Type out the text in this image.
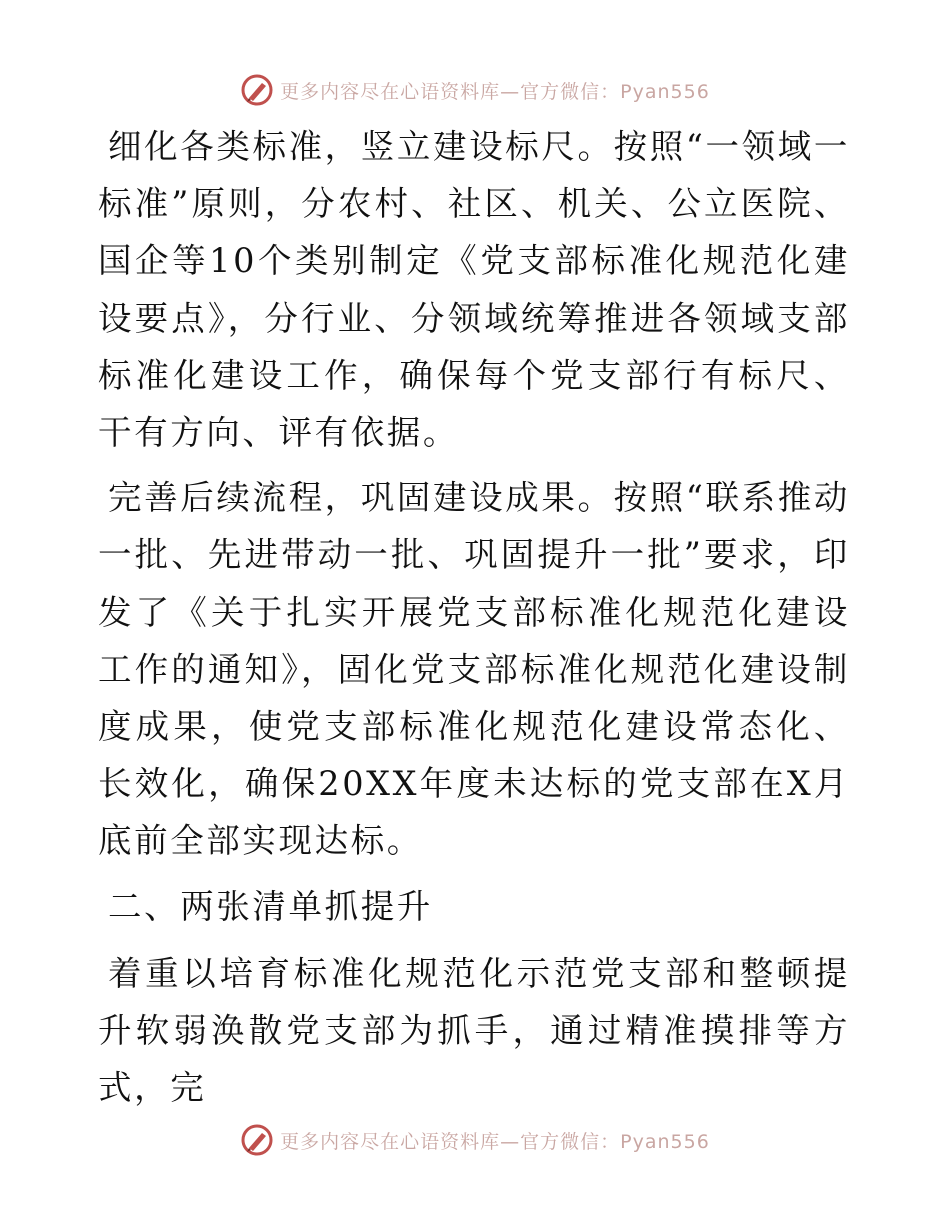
更多内容尽在心语资料库—官方微信：Pyan556

细化各类标准，竖立建设标尺。按照“一领域一标准”原则，分农村、社区、机关、公立医院、国企等10个类别制定《党支部标准化规范化建设要点》，分行业、分领域统筹推进各领域支部标准化建设工作，确保每个党支部行有标尺、干有方向、评有依据。

完善后续流程，巩固建设成果。按照“联系推动一批、先进带动一批、巩固提升一批”要求，印发了《关于扎实开展党支部标准化规范化建设工作的通知》，固化党支部标准化规范化建设制度成果，使党支部标准化规范化建设常态化、长效化，确保20XX年度未达标的党支部在X月底前全部实现达标。

二、两张清单抓提升

着重以培育标准化规范化示范党支部和整顿提升软弱涣散党支部为抓手，通过精准摸排等方式，完

更多内容尽在心语资料库—官方微信：Pyan556
